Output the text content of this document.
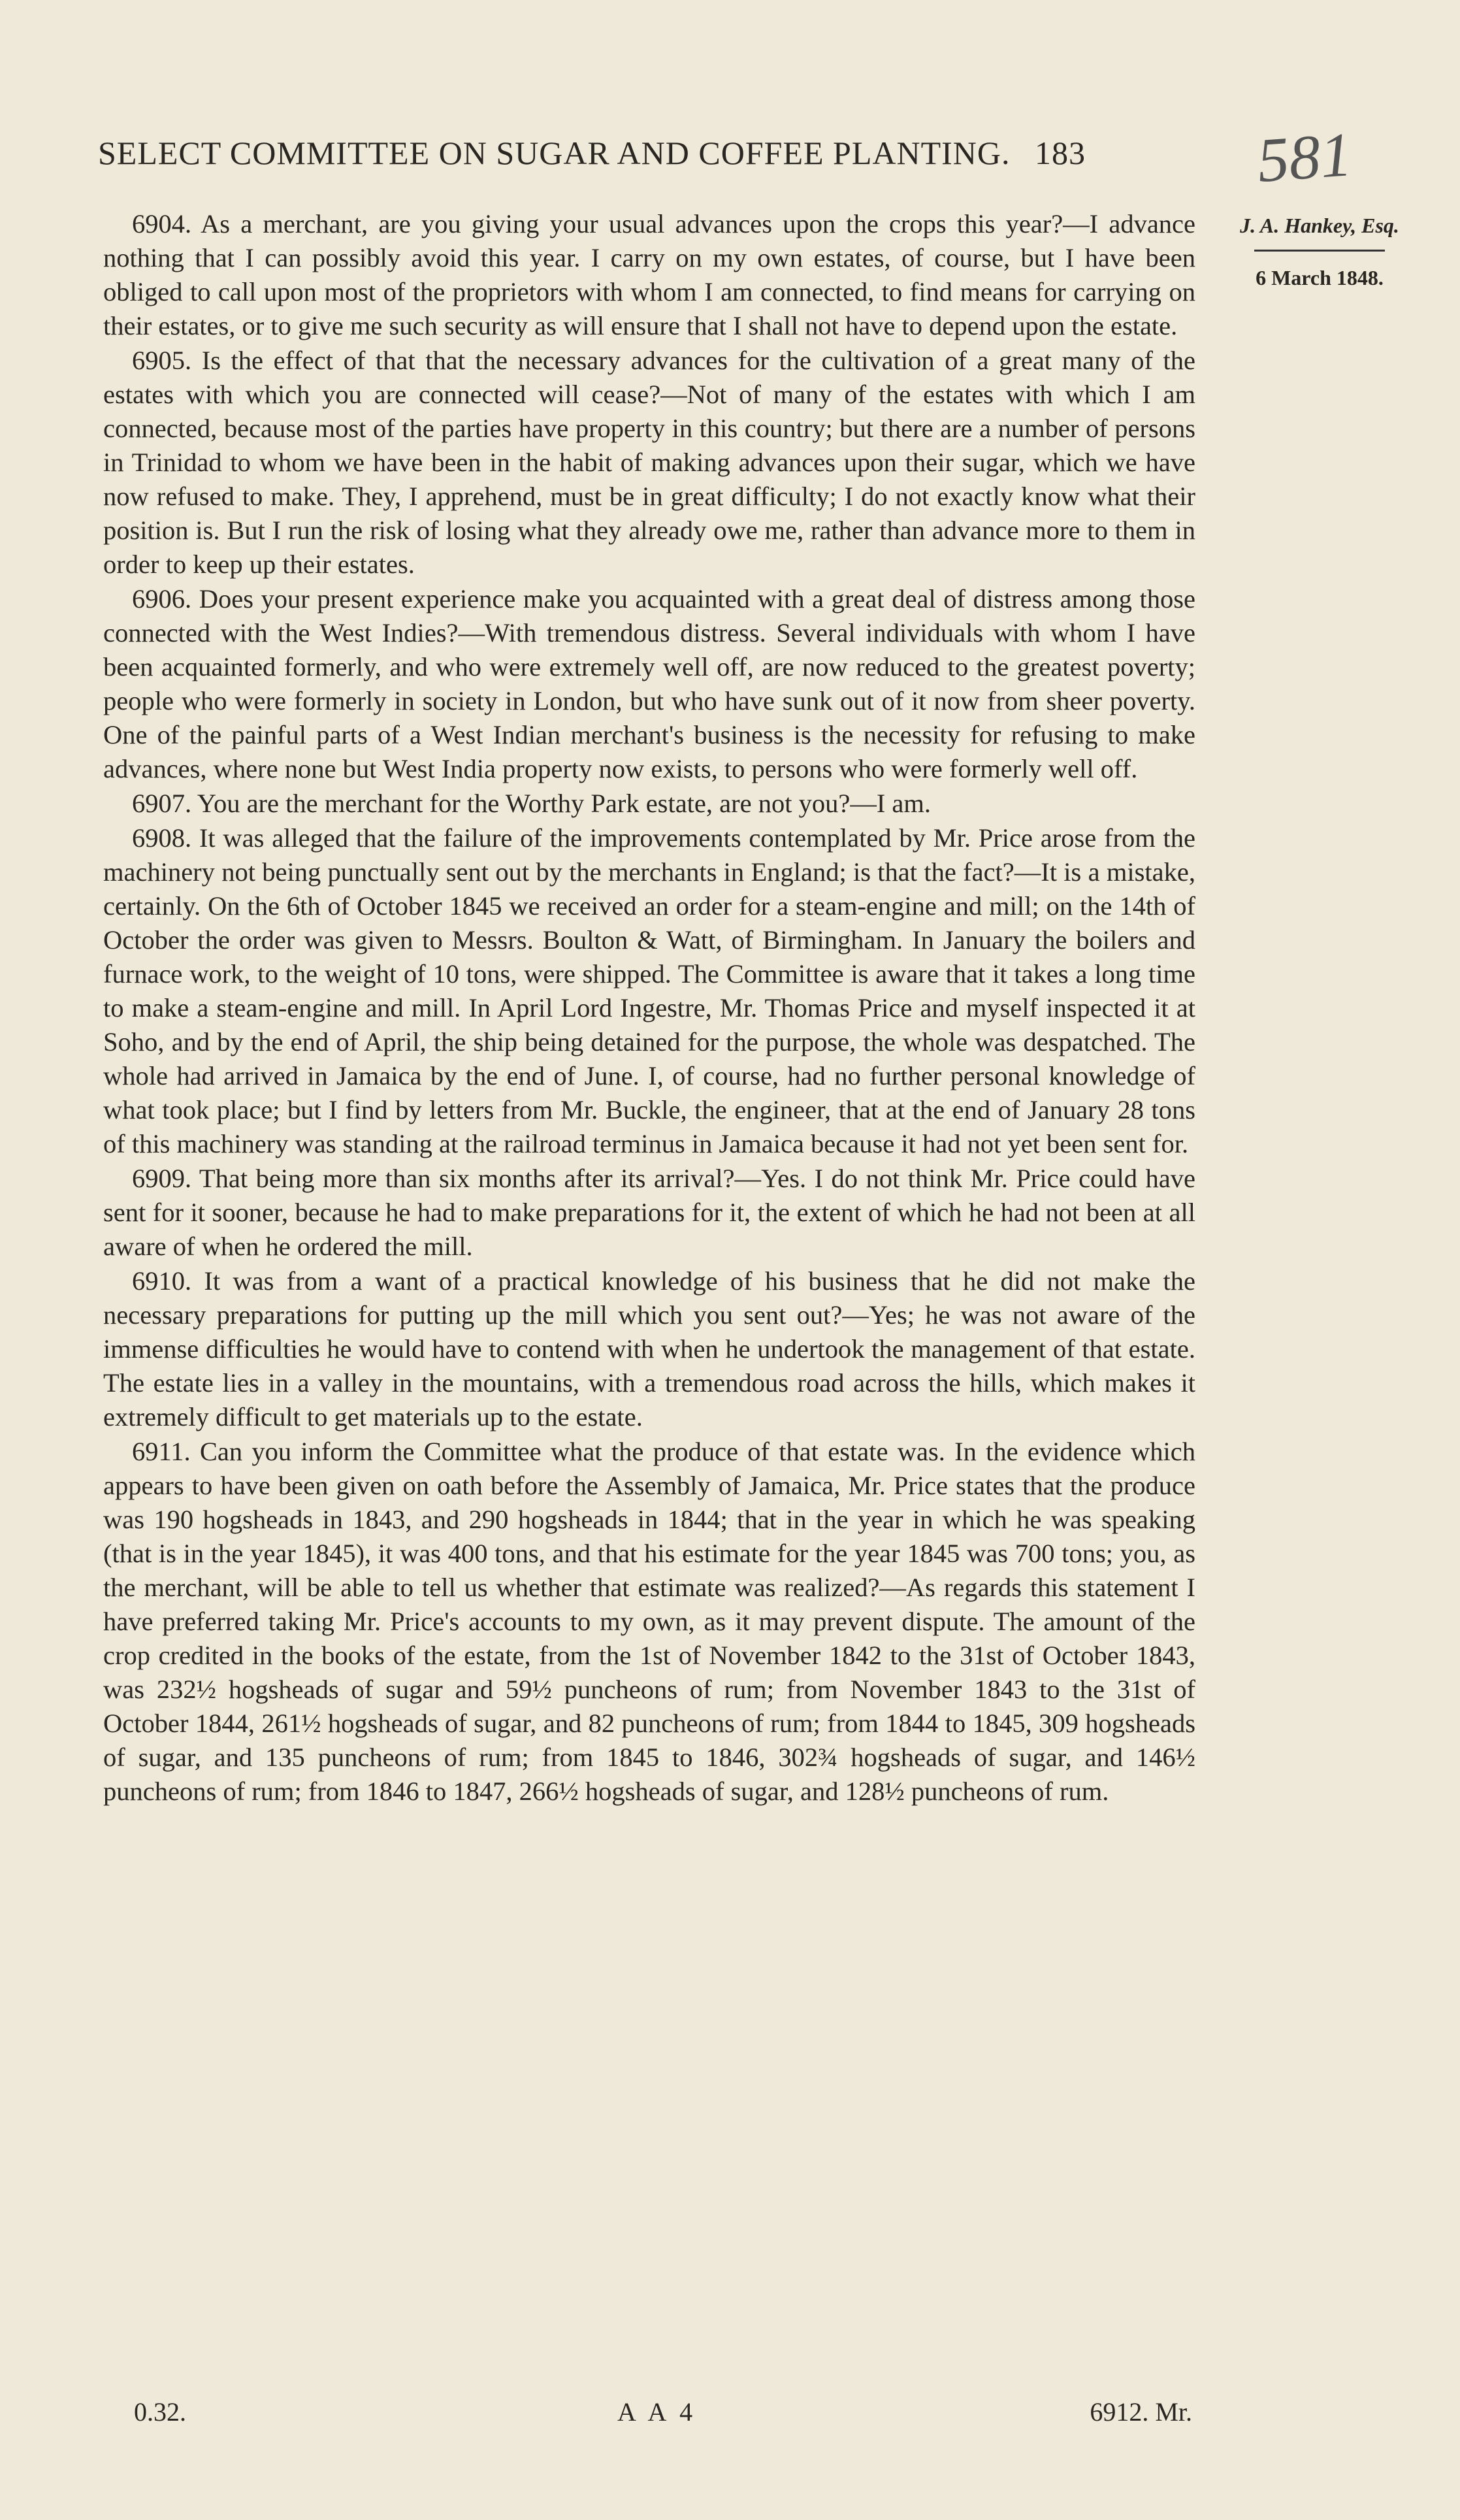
SELECT COMMITTEE ON SUGAR AND COFFEE PLANTING. 183	581
J. A. Hankey, Esq.
6 March 1848.

6904. As a merchant, are you giving your usual advances upon the crops this year?—I advance nothing that I can possibly avoid this year. I carry on my own estates, of course, but I have been obliged to call upon most of the proprietors with whom I am connected, to find means for carrying on their estates, or to give me such security as will ensure that I shall not have to depend upon the estate.

6905. Is the effect of that that the necessary advances for the cultivation of a great many of the estates with which you are connected will cease?—Not of many of the estates with which I am connected, because most of the parties have property in this country; but there are a number of persons in Trinidad to whom we have been in the habit of making advances upon their sugar, which we have now refused to make. They, I apprehend, must be in great difficulty; I do not exactly know what their position is. But I run the risk of losing what they already owe me, rather than advance more to them in order to keep up their estates.

6906. Does your present experience make you acquainted with a great deal of distress among those connected with the West Indies?—With tremendous distress. Several individuals with whom I have been acquainted formerly, and who were extremely well off, are now reduced to the greatest poverty; people who were formerly in society in London, but who have sunk out of it now from sheer poverty. One of the painful parts of a West Indian merchant's business is the necessity for refusing to make advances, where none but West India property now exists, to persons who were formerly well off.

6907. You are the merchant for the Worthy Park estate, are not you?—I am.

6908. It was alleged that the failure of the improvements contemplated by Mr. Price arose from the machinery not being punctually sent out by the merchants in England; is that the fact?—It is a mistake, certainly. On the 6th of October 1845 we received an order for a steam-engine and mill; on the 14th of October the order was given to Messrs. Boulton & Watt, of Birmingham. In January the boilers and furnace work, to the weight of 10 tons, were shipped. The Committee is aware that it takes a long time to make a steam-engine and mill. In April Lord Ingestre, Mr. Thomas Price and myself inspected it at Soho, and by the end of April, the ship being detained for the purpose, the whole was despatched. The whole had arrived in Jamaica by the end of June. I, of course, had no further personal knowledge of what took place; but I find by letters from Mr. Buckle, the engineer, that at the end of January 28 tons of this machinery was standing at the railroad terminus in Jamaica because it had not yet been sent for.

6909. That being more than six months after its arrival?—Yes. I do not think Mr. Price could have sent for it sooner, because he had to make preparations for it, the extent of which he had not been at all aware of when he ordered the mill.

6910. It was from a want of a practical knowledge of his business that he did not make the necessary preparations for putting up the mill which you sent out?—Yes; he was not aware of the immense difficulties he would have to contend with when he undertook the management of that estate. The estate lies in a valley in the mountains, with a tremendous road across the hills, which makes it extremely difficult to get materials up to the estate.

6911. Can you inform the Committee what the produce of that estate was. In the evidence which appears to have been given on oath before the Assembly of Jamaica, Mr. Price states that the produce was 190 hogsheads in 1843, and 290 hogsheads in 1844; that in the year in which he was speaking (that is in the year 1845), it was 400 tons, and that his estimate for the year 1845 was 700 tons; you, as the merchant, will be able to tell us whether that estimate was realized?—As regards this statement I have preferred taking Mr. Price's accounts to my own, as it may prevent dispute. The amount of the crop credited in the books of the estate, from the 1st of November 1842 to the 31st of October 1843, was 232½ hogsheads of sugar and 59½ puncheons of rum; from November 1843 to the 31st of October 1844, 261½ hogsheads of sugar, and 82 puncheons of rum; from 1844 to 1845, 309 hogsheads of sugar, and 135 puncheons of rum; from 1845 to 1846, 302¾ hogsheads of sugar, and 146½ puncheons of rum; from 1846 to 1847, 266½ hogsheads of sugar, and 128½ puncheons of rum.

0.32.	A A 4	6912. Mr.
